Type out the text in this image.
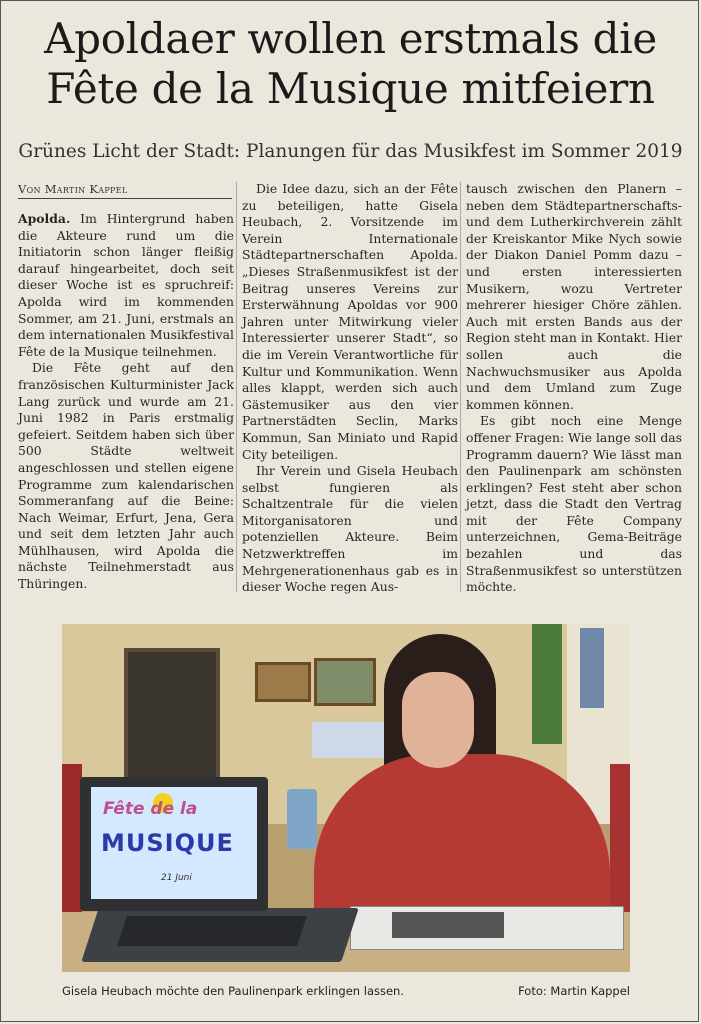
Apoldaer wollen erstmals die
Fête de la Musique mitfeiern
Grünes Licht der Stadt: Planungen für das Musikfest im Sommer 2019
Von Martin Kappel

Apolda. Im Hintergrund haben die Akteure rund um die Initiatorin schon länger fleißig darauf hingearbeitet, doch seit dieser Woche ist es spruchreif: Apolda wird im kommenden Sommer, am 21. Juni, erstmals an dem internationalen Musikfestival Fête de la Musique teilnehmen.

Die Fête geht auf den französischen Kulturminister Jack Lang zurück und wurde am 21. Juni 1982 in Paris erstmalig gefeiert. Seitdem haben sich über 500 Städte weltweit angeschlossen und stellen eigene Programme zum kalendarischen Sommeranfang auf die Beine: Nach Weimar, Erfurt, Jena, Gera und seit dem letzten Jahr auch Mühlhausen, wird Apolda die nächste Teilnehmerstadt aus Thüringen.

Die Idee dazu, sich an der Fête zu beteiligen, hatte Gisela Heubach, 2. Vorsitzende im Verein Internationale Städtepartnerschaften Apolda. „Dieses Straßenmusikfest ist der Beitrag unseres Vereins zur Ersterwähnung Apoldas vor 900 Jahren unter Mitwirkung vieler Interessierter unserer Stadt“, so die im Verein Verantwortliche für Kultur und Kommunikation. Wenn alles klappt, werden sich auch Gästemusiker aus den vier Partnerstädten Seclin, Marks Kommun, San Miniato und Rapid City beteiligen.

Ihr Verein und Gisela Heubach selbst fungieren als Schaltzentrale für die vielen Mitorganisatoren und potenziellen Akteure. Beim Netzwerktreffen im Mehrgenerationenhaus gab es in dieser Woche regen Aus-

tausch zwischen den Planern – neben dem Städtepartnerschafts- und dem Lutherkirchverein zählt der Kreiskantor Mike Nych sowie der Diakon Daniel Pomm dazu – und ersten interessierten Musikern, wozu Vertreter mehrerer hiesiger Chöre zählen. Auch mit ersten Bands aus der Region steht man in Kontakt. Hier sollen auch die Nachwuchsmusiker aus Apolda und dem Umland zum Zuge kommen können.

Es gibt noch eine Menge offener Fragen: Wie lange soll das Programm dauern? Wie lässt man den Paulinenpark am schönsten erklingen? Fest steht aber schon jetzt, dass die Stadt den Vertrag mit der Fête Company unterzeichnen, Gema-Beiträge bezahlen und das Straßenmusikfest so unterstützen möchte.

Fête de la
MUSIQUE
21 Juni
Gisela Heubach möchte den Paulinenpark erklingen lassen.	Foto: Martin Kappel
